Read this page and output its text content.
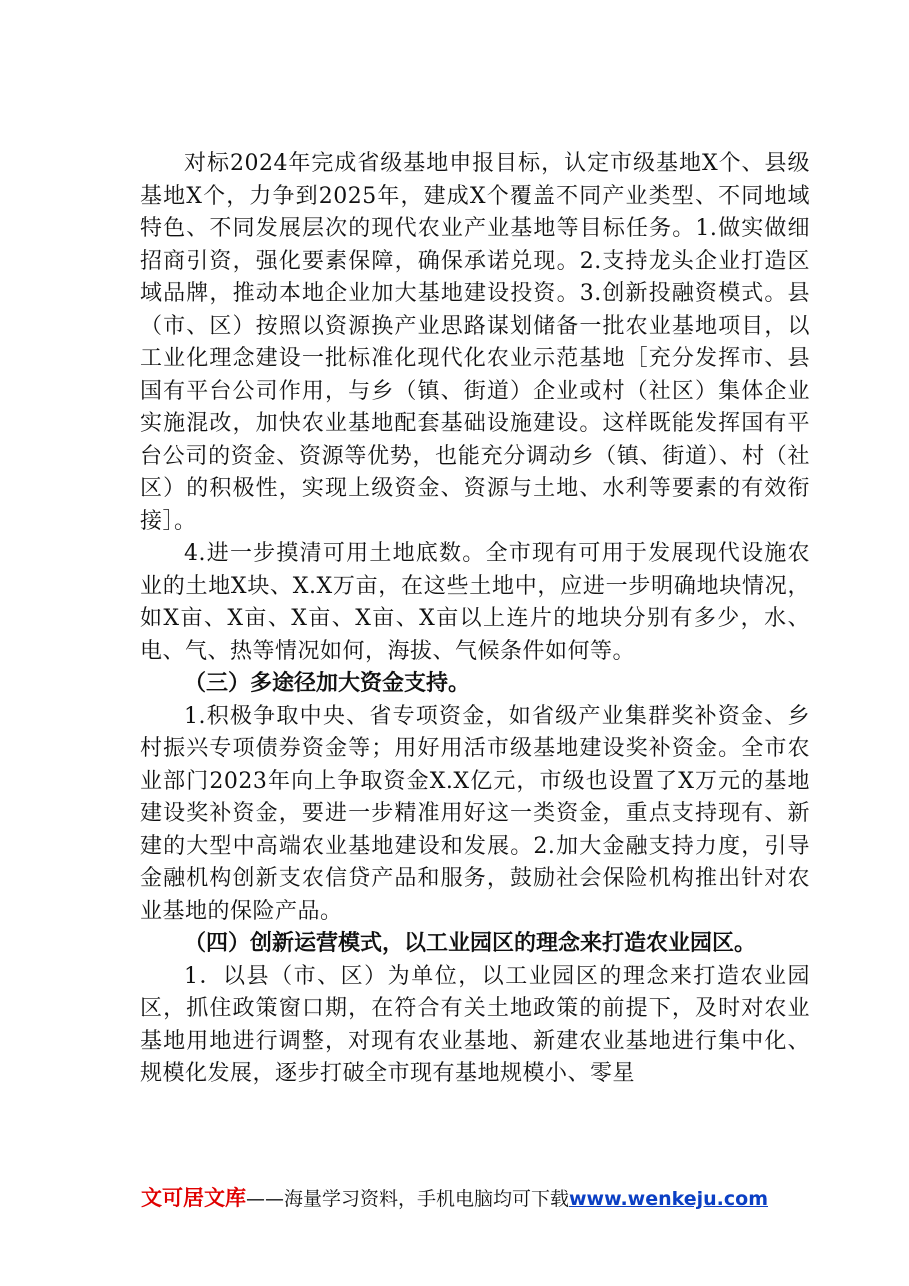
对标2024年完成省级基地申报目标，认定市级基地X个、县级基地X个，力争到2025年，建成X个覆盖不同产业类型、不同地域特色、不同发展层次的现代农业产业基地等目标任务。1.做实做细招商引资，强化要素保障，确保承诺兑现。2.支持龙头企业打造区域品牌，推动本地企业加大基地建设投资。3.创新投融资模式。县（市、区）按照以资源换产业思路谋划储备一批农业基地项目，以工业化理念建设一批标准化现代化农业示范基地［充分发挥市、县国有平台公司作用，与乡（镇、街道）企业或村（社区）集体企业实施混改，加快农业基地配套基础设施建设。这样既能发挥国有平台公司的资金、资源等优势，也能充分调动乡（镇、街道）、村（社区）的积极性，实现上级资金、资源与土地、水利等要素的有效衔接］。

4.进一步摸清可用土地底数。全市现有可用于发展现代设施农业的土地X块、X.X万亩，在这些土地中，应进一步明确地块情况，如X亩、X亩、X亩、X亩、X亩以上连片的地块分别有多少，水、电、气、热等情况如何，海拔、气候条件如何等。

（三）多途径加大资金支持。

1.积极争取中央、省专项资金，如省级产业集群奖补资金、乡村振兴专项债券资金等；用好用活市级基地建设奖补资金。全市农业部门2023年向上争取资金X.X亿元，市级也设置了X万元的基地建设奖补资金，要进一步精准用好这一类资金，重点支持现有、新建的大型中高端农业基地建设和发展。2.加大金融支持力度，引导金融机构创新支农信贷产品和服务，鼓励社会保险机构推出针对农业基地的保险产品。

（四）创新运营模式，以工业园区的理念来打造农业园区。

1．以县（市、区）为单位，以工业园区的理念来打造农业园区，抓住政策窗口期，在符合有关土地政策的前提下，及时对农业基地用地进行调整，对现有农业基地、新建农业基地进行集中化、规模化发展，逐步打破全市现有基地规模小、零星

文可居文库——海量学习资料，手机电脑均可下载www.wenkeju.com
